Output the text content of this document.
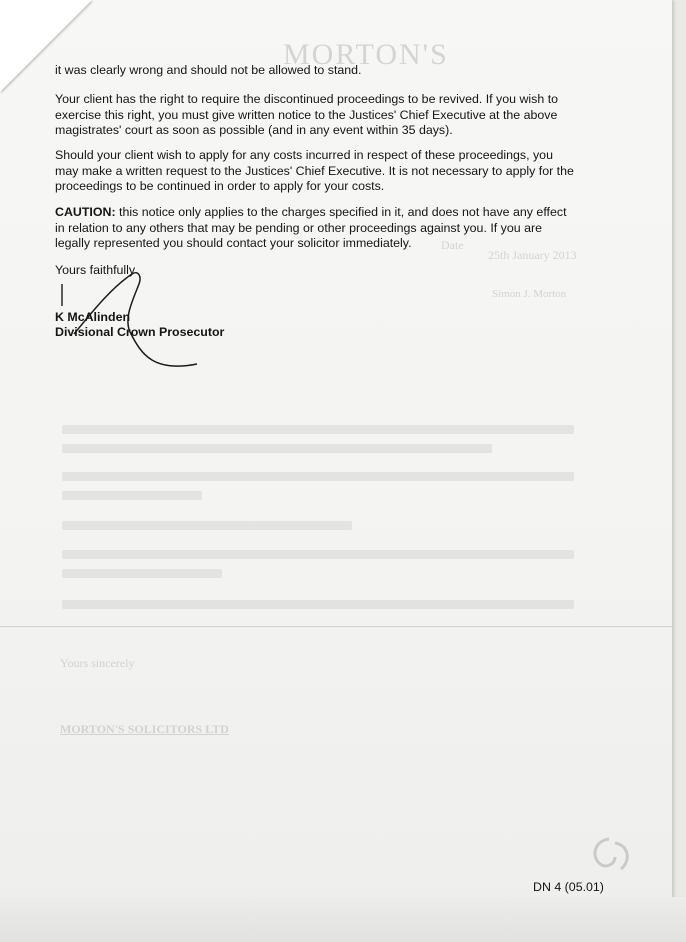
MORTON'S
Date
25th January 2013
Simon J. Morton
Yours sincerely
MORTON'S SOLICITORS LTD

it was clearly wrong and should not be allowed to stand.

Your client has the right to require the discontinued proceedings to be revived. If you wish to exercise this right, you must give written notice to the Justices' Chief Executive at the above magistrates' court as soon as possible (and in any event within 35 days).

Should your client wish to apply for any costs incurred in respect of these proceedings, you may make a written request to the Justices' Chief Executive. It is not necessary to apply for the proceedings to be continued in order to apply for your costs.

CAUTION: this notice only applies to the charges specified in it, and does not have any effect in relation to any others that may be pending or other proceedings against you. If you are legally represented you should contact your solicitor immediately.

Yours faithfully

K McAlinden
Divisional Crown Prosecutor
DN 4 (05.01)
